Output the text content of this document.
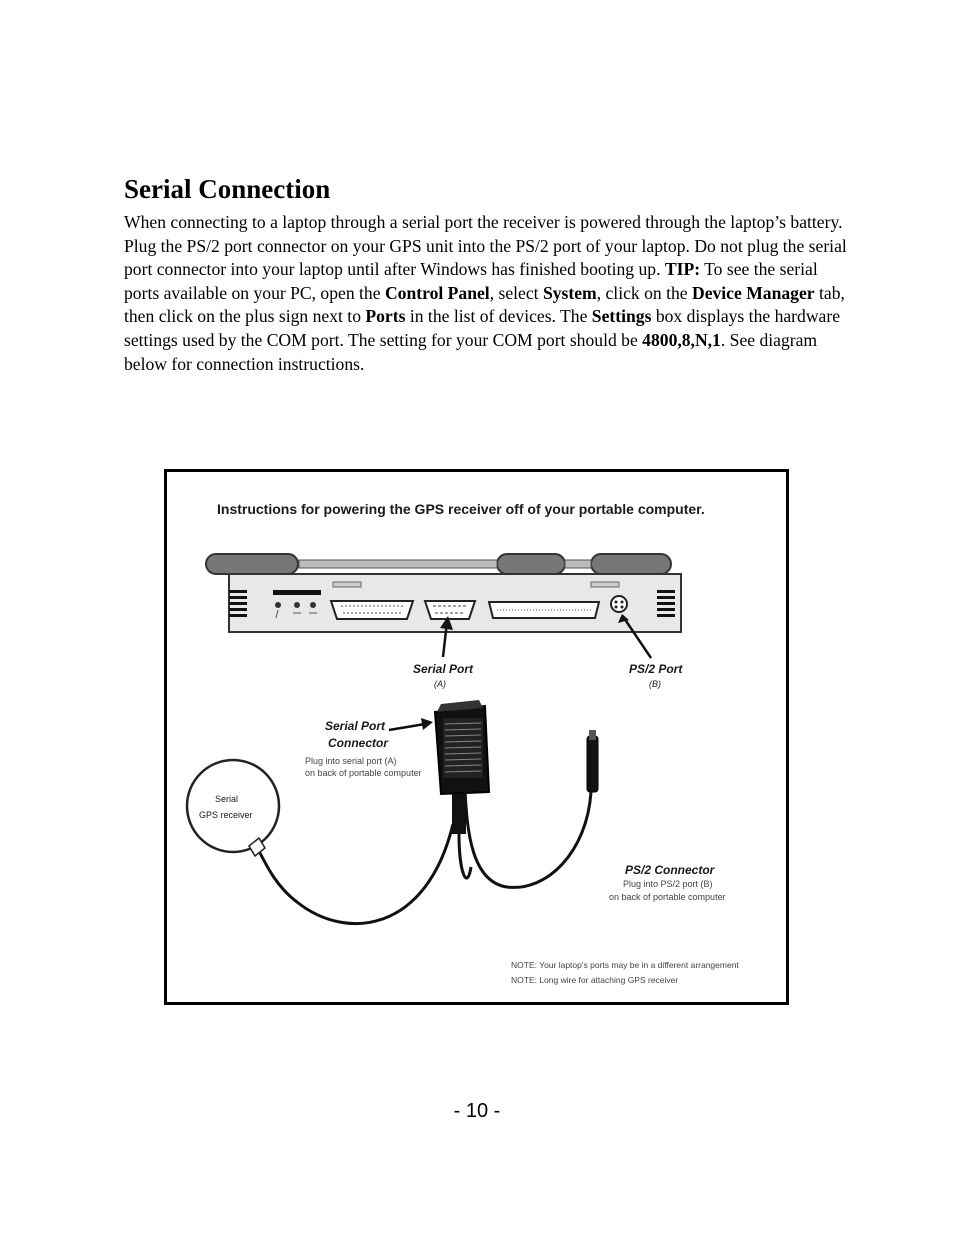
Serial Connection

When connecting to a laptop through a serial port the receiver is powered through the laptop’s battery. Plug the PS/2 port connector on your GPS unit into the PS/2 port of your laptop. Do not plug the serial port connector into your laptop until after Windows has finished booting up. TIP: To see the serial ports available on your PC, open the Control Panel, select System, click on the Device Manager tab, then click on the plus sign next to Ports in the list of devices. The Settings box displays the hardware settings used by the COM port. The setting for your COM port should be 4800,8,N,1. See diagram below for connection instructions.

Instructions for powering the GPS receiver off of your portable computer.
Serial Port
(A)
PS/2 Port
(B)
Serial Port
Connector
Plug into serial port (A)
on back of portable computer
Serial
GPS receiver
PS/2 Connector
Plug into PS/2 port (B)
on back of portable computer
NOTE: Your laptop's ports may be in a different arrangement
NOTE: Long wire for attaching GPS receiver
- 10 -
